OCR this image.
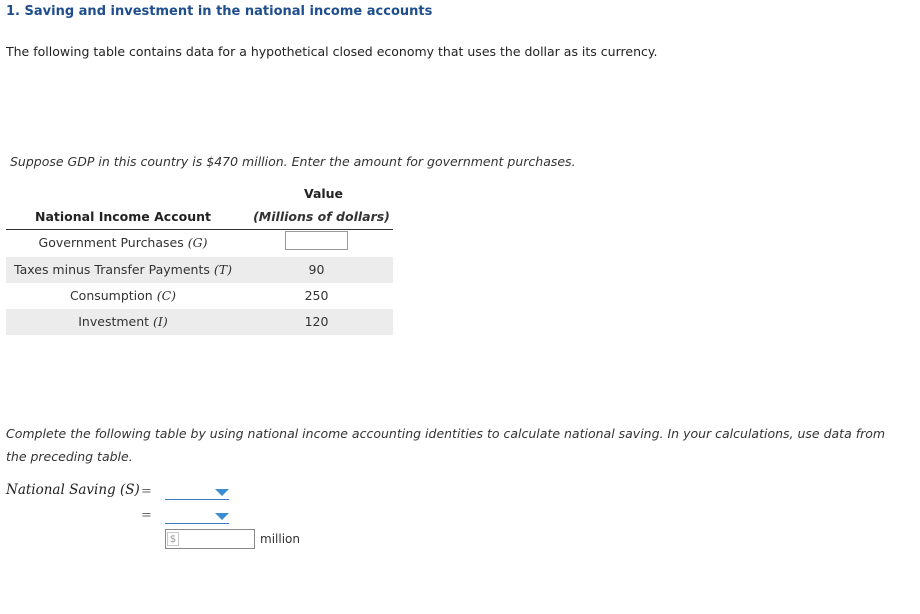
1. Saving and investment in the national income accounts
The following table contains data for a hypothetical closed economy that uses the dollar as its currency.
Suppose GDP in this country is $470 million. Enter the amount for government purchases.
Value
National Income Account	(Millions of dollars)
Government Purchases (G)
Taxes minus Transfer Payments (T)	90
Consumption (C)	250
Investment (I)	120
Complete the following table by using national income accounting identities to calculate national saving. In your calculations, use data from the preceding table.
National Saving (S) =
=
$	million
